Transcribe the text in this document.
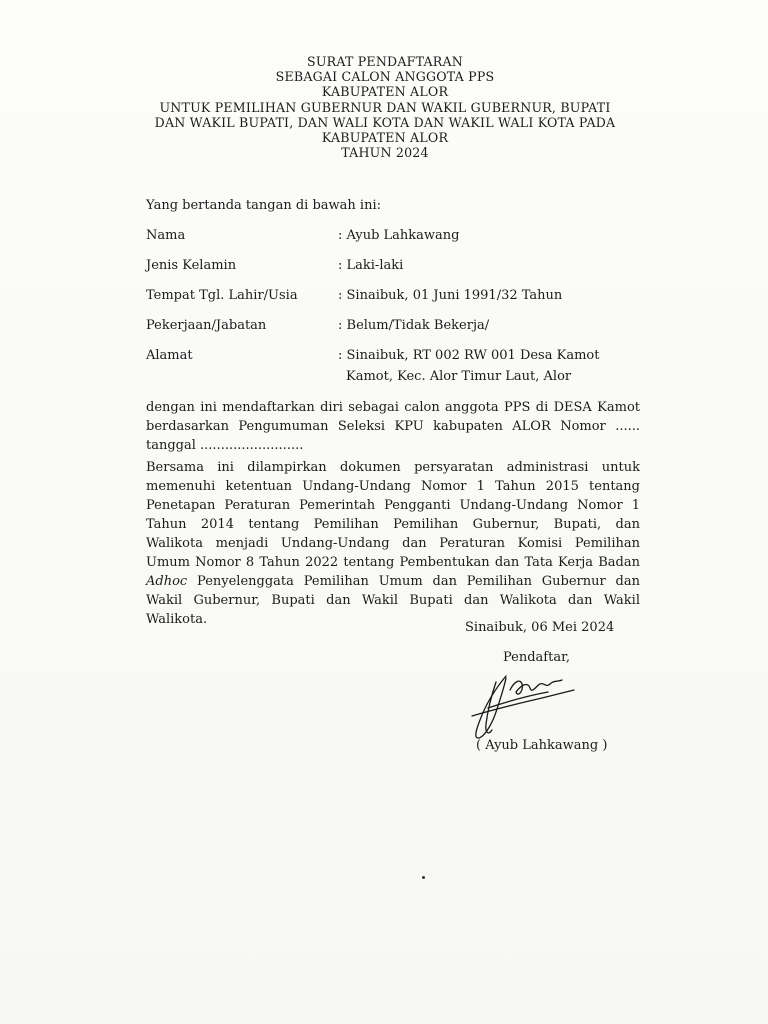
SURAT PENDAFTARAN
SEBAGAI CALON ANGGOTA PPS
KABUPATEN ALOR
UNTUK PEMILIHAN GUBERNUR DAN WAKIL GUBERNUR, BUPATI
DAN WAKIL BUPATI, DAN WALI KOTA DAN WAKIL WALI KOTA PADA
KABUPATEN ALOR
TAHUN 2024
Yang bertanda tangan di bawah ini:
Nama	: Ayub Lahkawang
Jenis Kelamin	: Laki-laki
Tempat Tgl. Lahir/Usia	: Sinaibuk, 01 Juni 1991/32 Tahun
Pekerjaan/Jabatan	: Belum/Tidak Bekerja/
Alamat	: Sinaibuk, RT 002 RW 001 Desa Kamot
Kamot, Kec. Alor Timur Laut, Alor
dengan ini mendaftarkan diri sebagai calon anggota PPS di DESA Kamot
berdasarkan Pengumuman Seleksi KPU kabupaten ALOR Nomor ......
tanggal .........................
Bersama ini dilampirkan dokumen persyaratan administrasi untuk
memenuhi ketentuan Undang-Undang Nomor 1 Tahun 2015 tentang
Penetapan Peraturan Pemerintah Pengganti Undang-Undang Nomor 1
Tahun 2014 tentang Pemilihan Pemilihan Gubernur, Bupati, dan
Walikota menjadi Undang-Undang dan Peraturan Komisi Pemilihan
Umum Nomor 8 Tahun 2022 tentang Pembentukan dan Tata Kerja Badan
Adhoc Penyelenggata Pemilihan Umum dan Pemilihan Gubernur dan
Wakil Gubernur, Bupati dan Wakil Bupati dan Walikota dan Wakil
Walikota.
Sinaibuk, 06 Mei 2024
Pendaftar,
( Ayub Lahkawang )
